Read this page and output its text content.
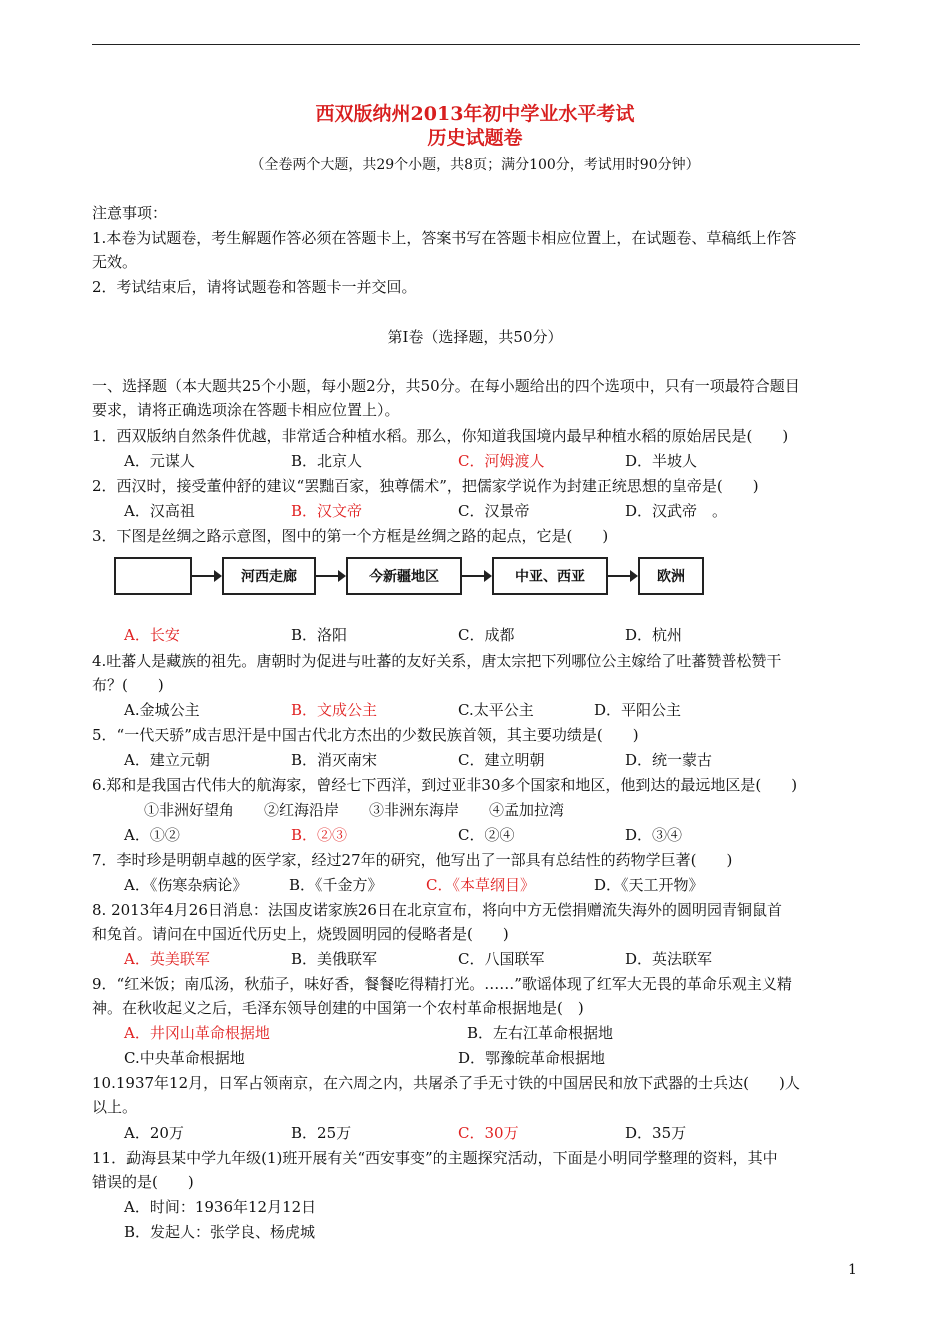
西双版纳州2013年初中学业水平考试
历史试题卷
（全卷两个大题，共29个小题，共8页；满分100分，考试用时90分钟）
注意事项：
1.本卷为试题卷，考生解题作答必须在答题卡上，答案书写在答题卡相应位置上，在试题卷、草稿纸上作答
无效。
2．考试结束后，请将试题卷和答题卡一并交回。
第Ⅰ卷（选择题，共50分）
一、选择题（本大题共25个小题，每小题2分，共50分。在每小题给出的四个选项中，只有一项最符合题目
要求，请将正确选项涂在答题卡相应位置上）。
1．西双版纳自然条件优越，非常适合种植水稻。那么，你知道我国境内最早种植水稻的原始居民是(　　)
A．元谋人	B．北京人	C．河姆渡人	D．半坡人
2．西汉时，接受董仲舒的建议“罢黜百家，独尊儒术”，把儒家学说作为封建正统思想的皇帝是(　　)
A．汉高祖	B．汉文帝	C．汉景帝	D．汉武帝　。
3．下图是丝绸之路示意图，图中的第一个方框是丝绸之路的起点，它是(　　)
河西走廊	今新疆地区	中亚、西亚	欧洲
A．长安	B．洛阳	C．成都	D．杭州
4.吐蕃人是藏族的祖先。唐朝时为促进与吐蕃的友好关系，唐太宗把下列哪位公主嫁给了吐蕃赞普松赞干
布？(　　)
A.金城公主	B．文成公主	C.太平公主	D．平阳公主
5．“一代天骄”成吉思汗是中国古代北方杰出的少数民族首领，其主要功绩是(　　)
A．建立元朝	B．消灭南宋	C．建立明朝	D．统一蒙古
6.郑和是我国古代伟大的航海家，曾经七下西洋，到过亚非30多个国家和地区，他到达的最远地区是(　　)
①非洲好望角　　②红海沿岸　　③非洲东海岸　　④孟加拉湾
A．①②	B．②③	C．②④	D．③④
7．李时珍是明朝卓越的医学家，经过27年的研究，他写出了一部具有总结性的药物学巨著(　　)
A．《伤寒杂病论》	B．《千金方》	C．《本草纲目》	D．《天工开物》
8. 2013年4月26日消息：法国皮诺家族26日在北京宣布，将向中方无偿捐赠流失海外的圆明园青铜鼠首
和兔首。请问在中国近代历史上，烧毁圆明园的侵略者是(　　)
A．英美联军	B．美俄联军	C．八国联军	D．英法联军
9．“红米饭；南瓜汤，秋茄子，味好香，餐餐吃得精打光。……”歌谣体现了红军大无畏的革命乐观主义精
神。在秋收起义之后，毛泽东领导创建的中国第一个农村革命根据地是(　)
A．井冈山革命根据地	B．左右江革命根据地
C.中央革命根据地	D．鄂豫皖革命根据地
10.1937年12月，日军占领南京，在六周之内，共屠杀了手无寸铁的中国居民和放下武器的士兵达(　　)人
以上。
A．20万	B．25万	C．30万	D．35万
11．勐海县某中学九年级(1)班开展有关“西安事变”的主题探究活动，下面是小明同学整理的资料，其中
错误的是(　　)
A．时间：1936年12月12日
B．发起人：张学良、杨虎城
1
